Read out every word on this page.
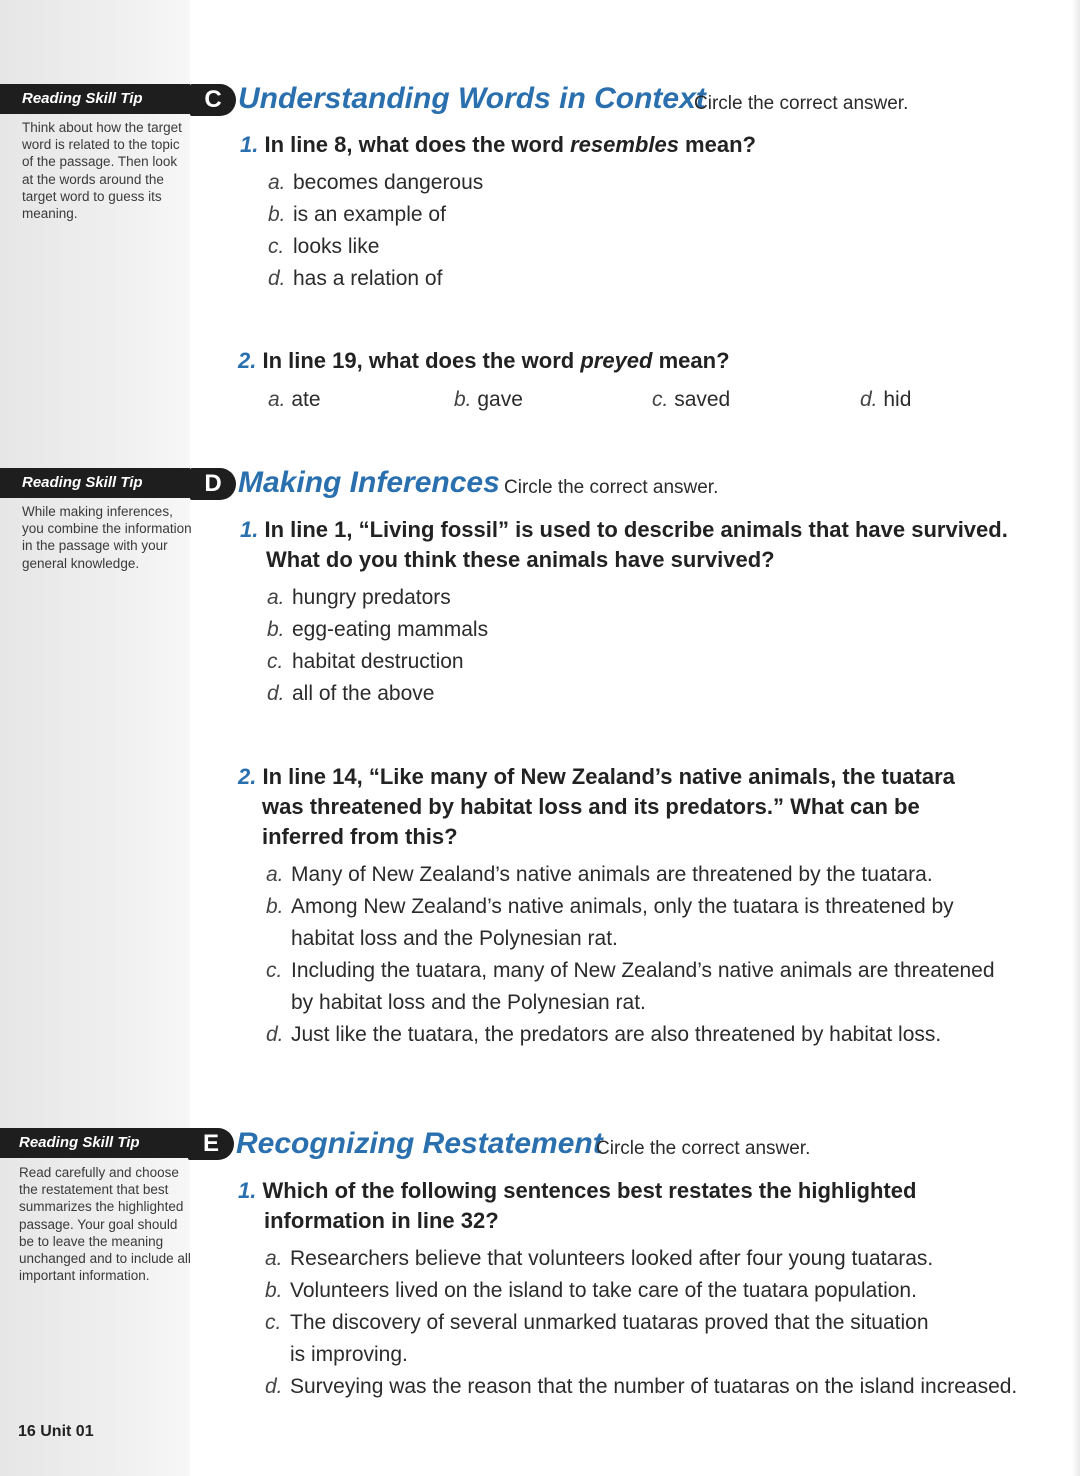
Reading Skill Tip
Think about how the target word is related to the topic of the passage. Then look at the words around the target word to guess its meaning.
C Understanding Words in Context
Circle the correct answer.
1. In line 8, what does the word resembles mean?
a. becomes dangerous
b. is an example of
c. looks like
d. has a relation of
2. In line 19, what does the word preyed mean?
a. ate	b. gave	c. saved	d. hid
Reading Skill Tip
While making inferences, you combine the information in the passage with your general knowledge.
D Making Inferences Circle the correct answer.
1. In line 1, “Living fossil” is used to describe animals that have survived.
What do you think these animals have survived?
a. hungry predators
b. egg-eating mammals
c. habitat destruction
d. all of the above
2. In line 14, “Like many of New Zealand’s native animals, the tuatara
was threatened by habitat loss and its predators.” What can be
inferred from this?
a. Many of New Zealand’s native animals are threatened by the tuatara.
b. Among New Zealand’s native animals, only the tuatara is threatened by
habitat loss and the Polynesian rat.
c. Including the tuatara, many of New Zealand’s native animals are threatened
by habitat loss and the Polynesian rat.
d. Just like the tuatara, the predators are also threatened by habitat loss.
Reading Skill Tip
Read carefully and choose the restatement that best summarizes the highlighted passage. Your goal should be to leave the meaning unchanged and to include all important information.
E Recognizing Restatement
Circle the correct answer.
1. Which of the following sentences best restates the highlighted
information in line 32?
a. Researchers believe that volunteers looked after four young tuataras.
b. Volunteers lived on the island to take care of the tuatara population.
c. The discovery of several unmarked tuataras proved that the situation
is improving.
d. Surveying was the reason that the number of tuataras on the island increased.
16 Unit 01
